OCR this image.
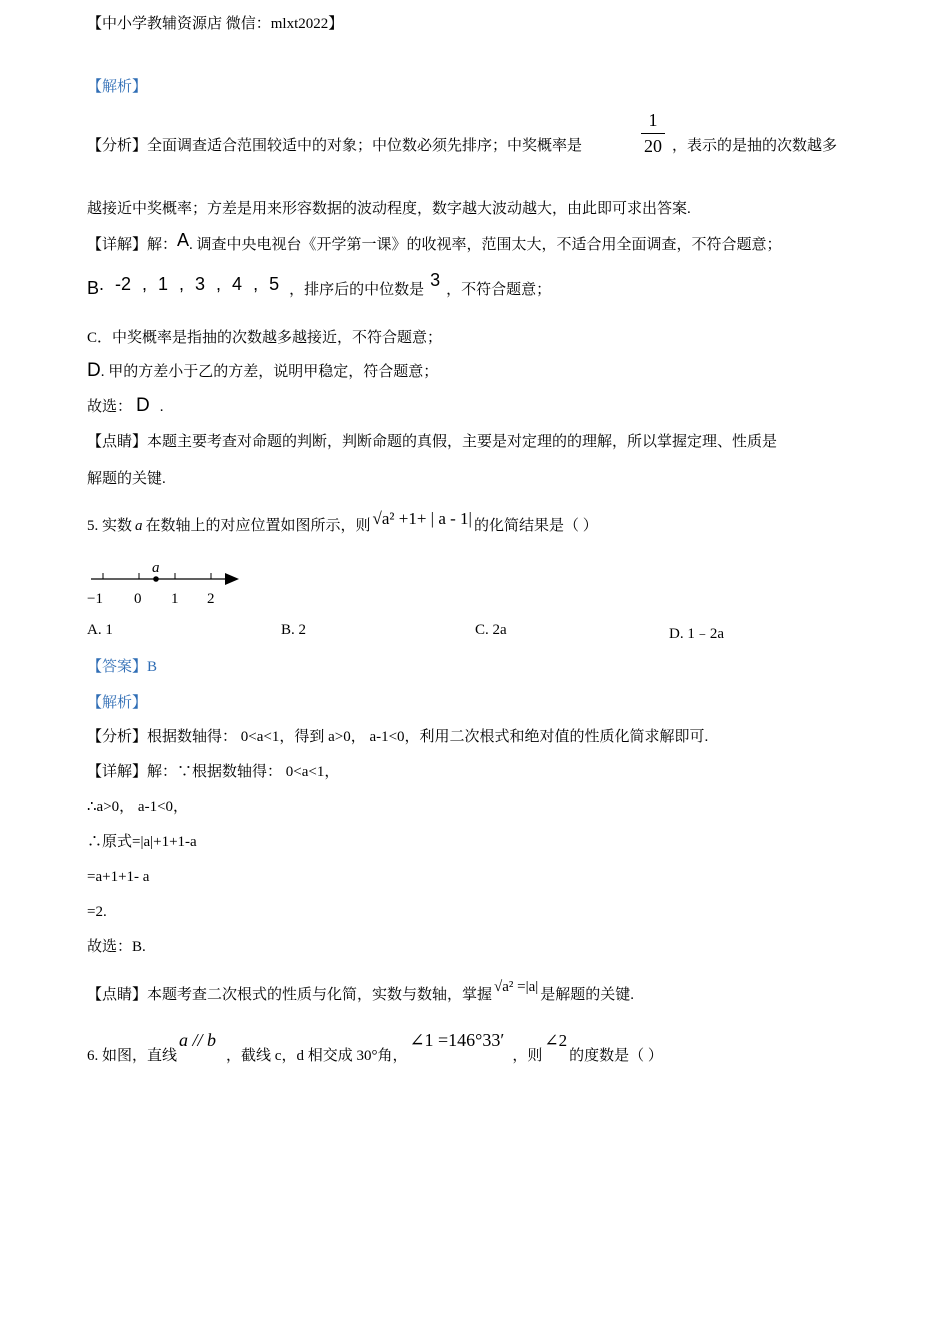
【中小学教辅资源店 微信：mlxt2022】
【解析】
【分析】全面调查适合范围较适中的对象；中位数必须先排序；中奖概率是
1
20 ，表示的是抽的次数越多
越接近中奖概率；方差是用来形容数据的波动程度，数字越大波动越大，由此即可求出答案.
【详解】解：A. 调查中央电视台《开学第一课》的收视率，范围太大，不适合用全面调查，不符合题意；
B. -2 , 1 , 3 , 4 , 5 ，排序后的中位数是 3 ，不符合题意；
C．中奖概率是指抽的次数越多越接近，不符合题意；
D. 甲的方差小于乙的方差，说明甲稳定，符合题意；
故选： D .
【点睛】本题主要考查对命题的判断，判断命题的真假，主要是对定理的的理解，所以掌握定理、性质是
解题的关键.
5. 实数 a 在数轴上的对应位置如图所示，则 √a² +1+ | a - 1| 的化简结果是（ ）
a
−1 0 1 2
A. 1	B. 2	C. 2a	D. 1﹣2a
【答案】B
【解析】
【分析】根据数轴得： 0<a<1，得到 a>0， a-1<0，利用二次根式和绝对值的性质化简求解即可.
【详解】解：∵根据数轴得： 0<a<1，
∴a>0， a-1<0，
∴原式=|a|+1+1-a
=a+1+1- a
=2.
故选：B.
【点睛】本题考查二次根式的性质与化简，实数与数轴，掌握 √a² =|a| 是解题的关键.
6. 如图，直线a // b，截线 c，d 相交成 30°角，∠1 =146°33′，则∠2的度数是（ ）
